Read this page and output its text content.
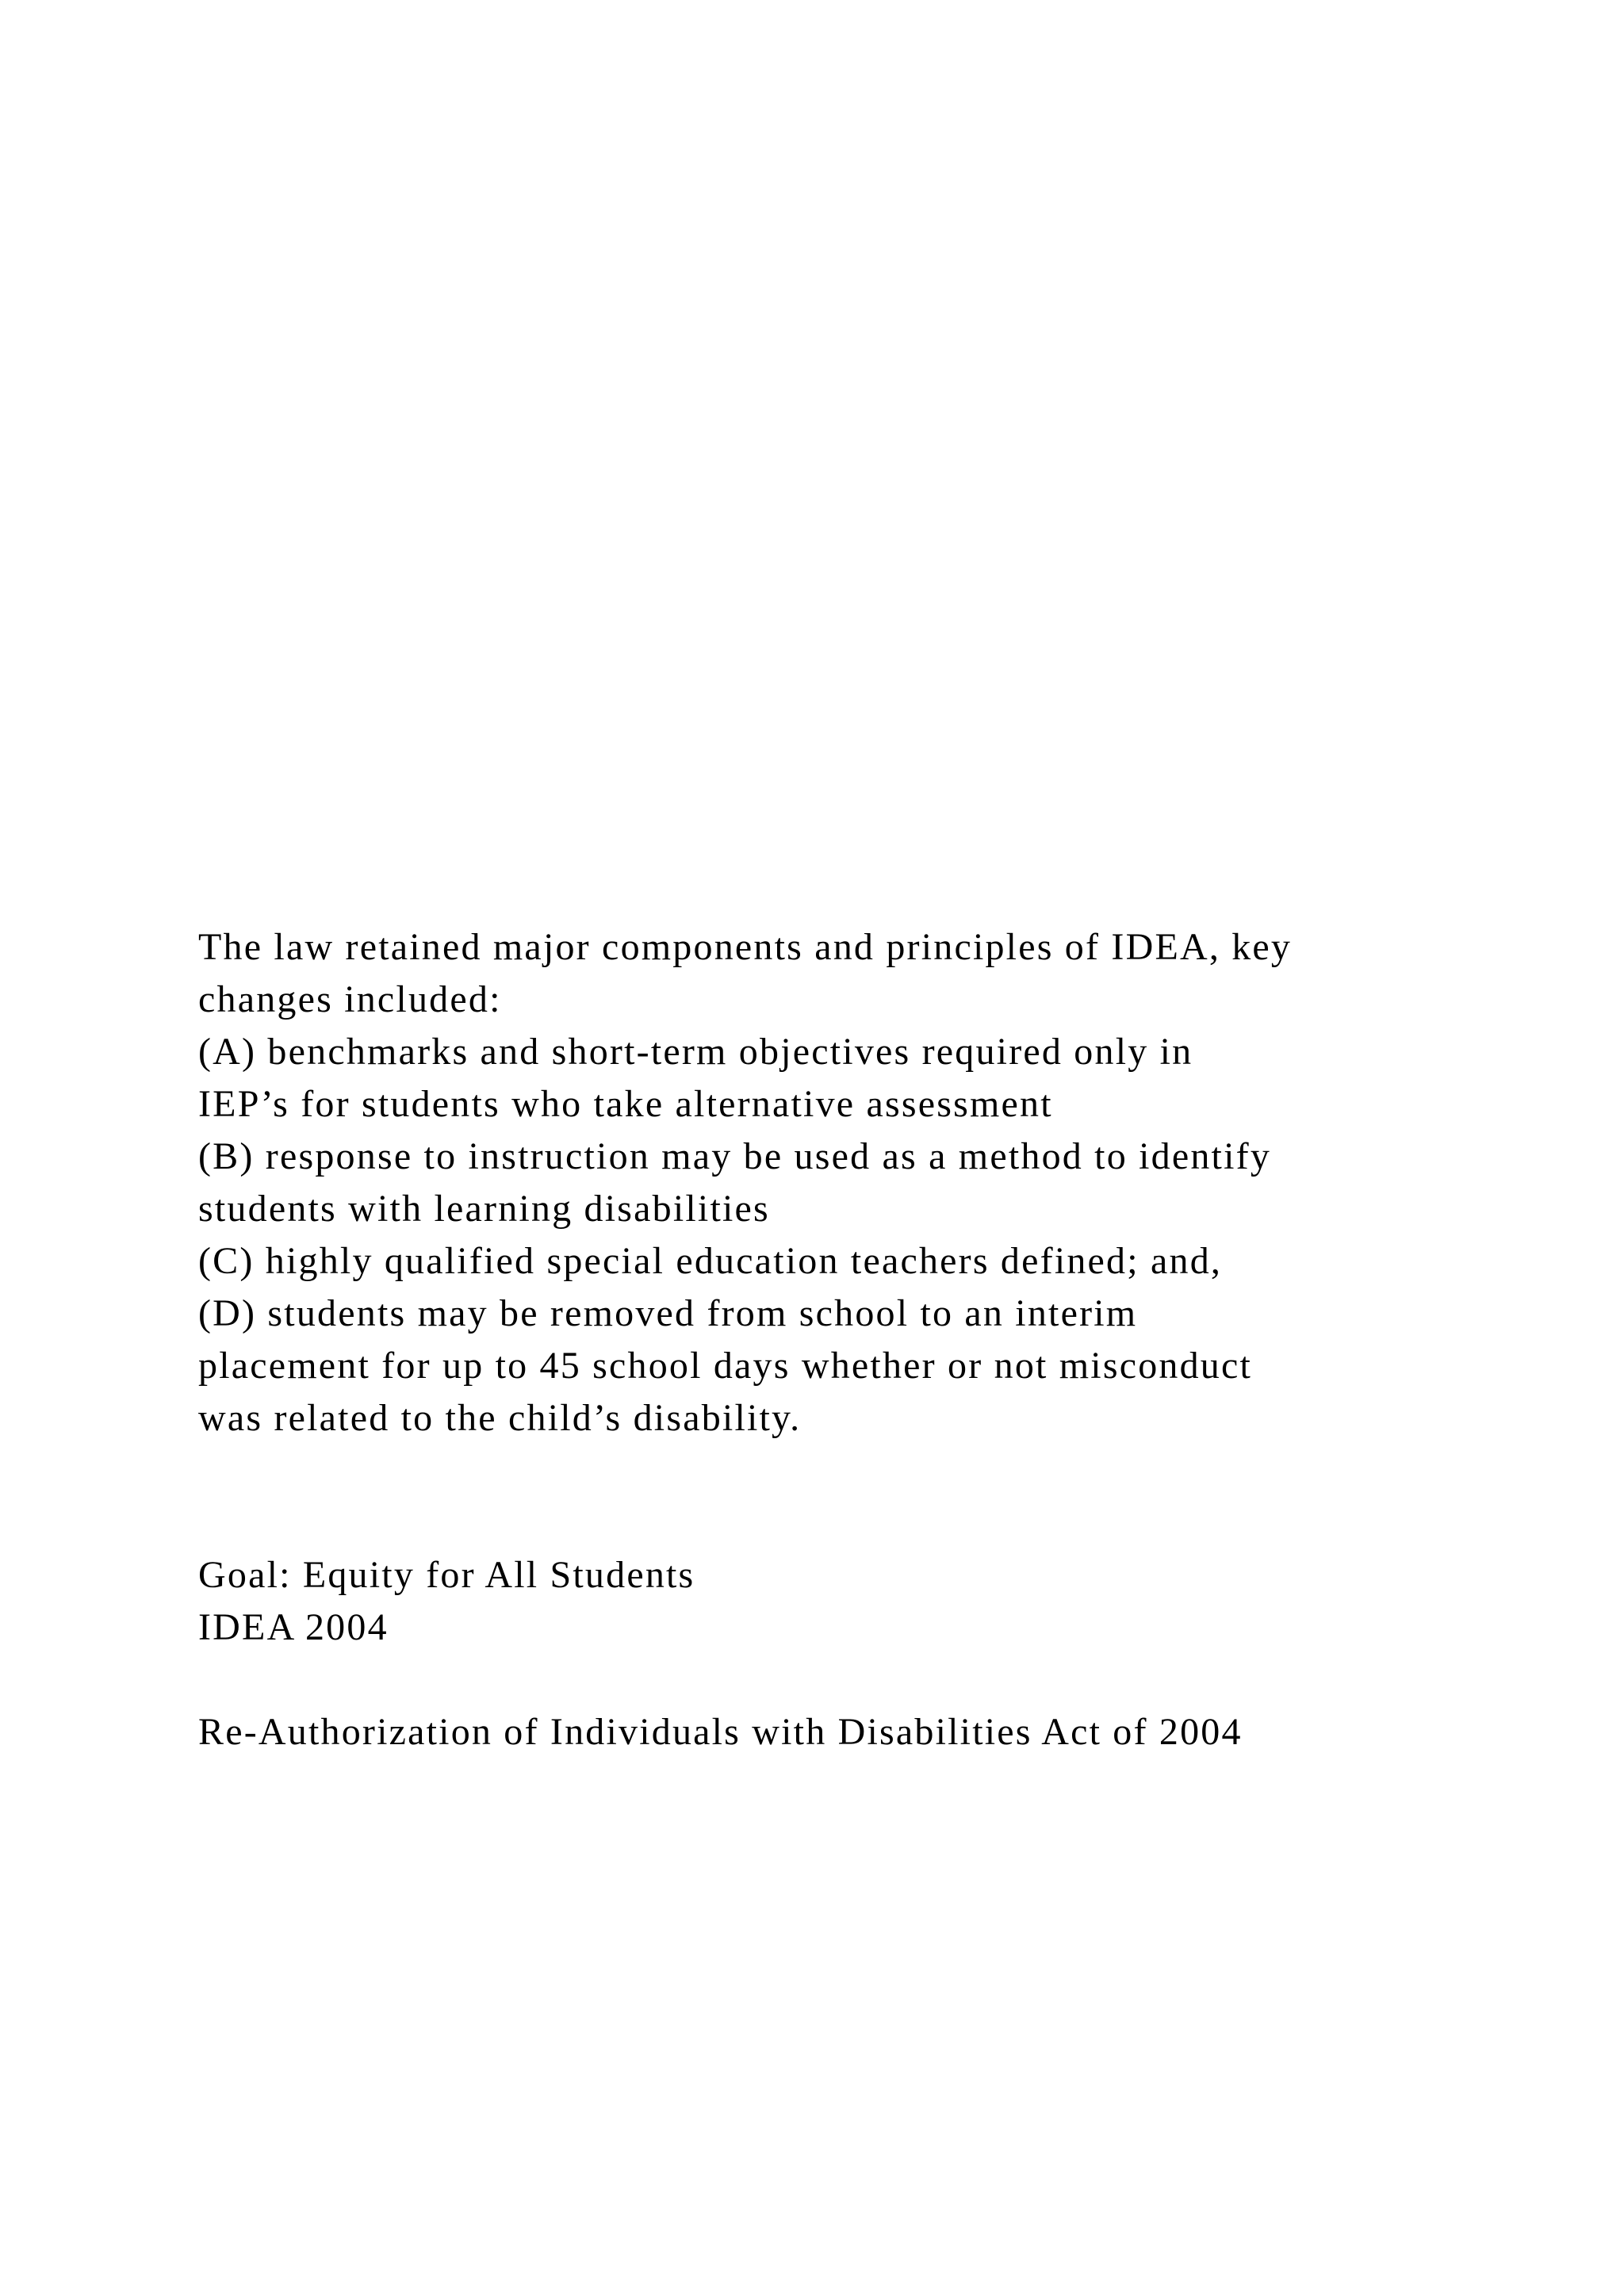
The law retained major components and principles of IDEA, key
changes included:
(A) benchmarks and short-term objectives required only in
IEP’s for students who take alternative assessment
(B) response to instruction may be used as a method to identify
students with learning disabilities
(C) highly qualified special education teachers defined; and,
(D) students may be removed from school to an interim
placement for up to 45 school days whether or not misconduct
was related to the child’s disability.
Goal: Equity for All Students
IDEA 2004
Re-Authorization of Individuals with Disabilities Act of 2004
